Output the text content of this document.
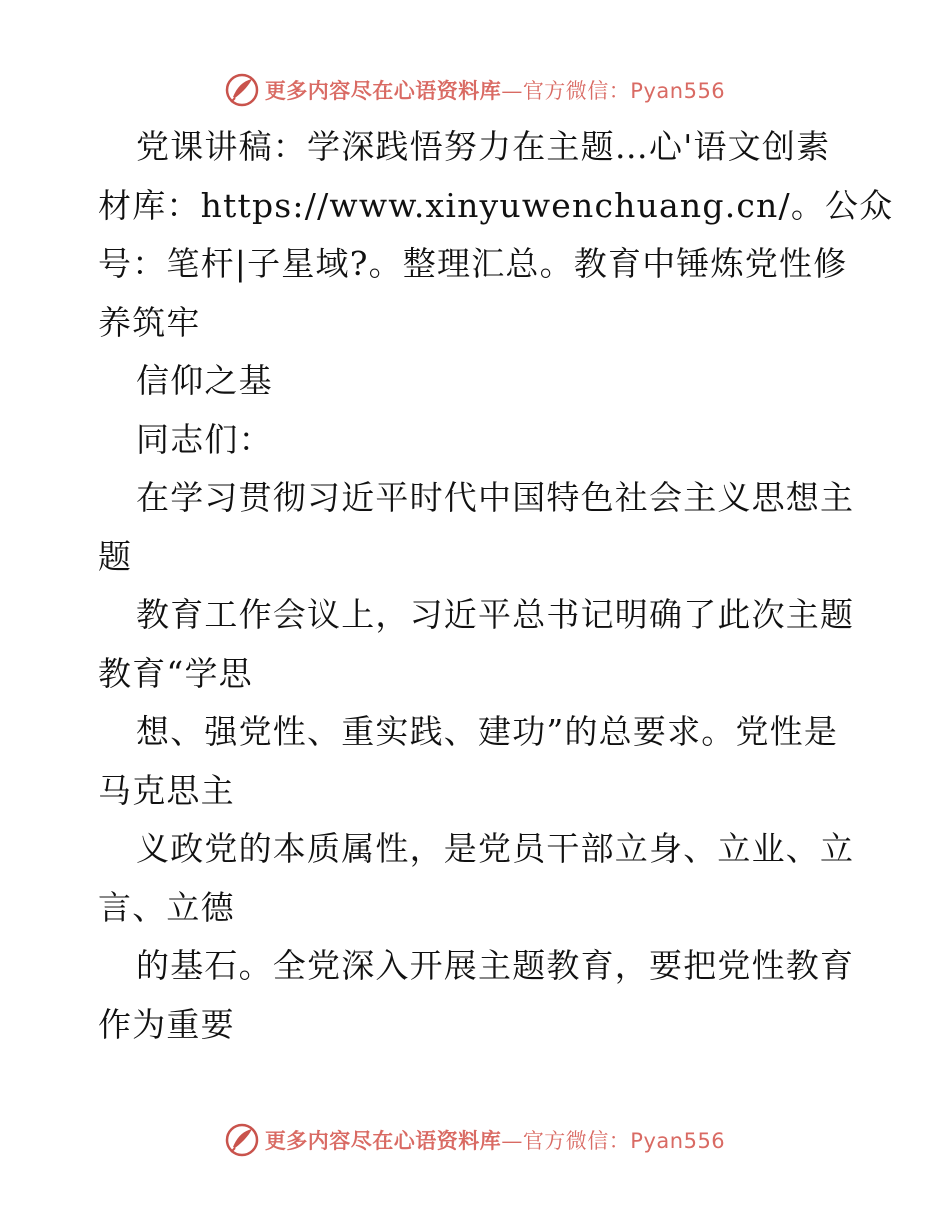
更多内容尽在心语资料库—官方微信：Pyan556
党课讲稿：学深践悟努力在主题…心'语文创素
材库：https://www.xinyuwenchuang.cn/。公众
号：笔杆|子星域?。整理汇总。教育中锤炼党性修
养筑牢
信仰之基
同志们：
在学习贯彻习近平时代中国特色社会主义思想主
题
教育工作会议上，习近平总书记明确了此次主题
教育“学思
想、强党性、重实践、建功”的总要求。党性是
马克思主
义政党的本质属性，是党员干部立身、立业、立
言、立德
的基石。全党深入开展主题教育，要把党性教育
作为重要
更多内容尽在心语资料库—官方微信：Pyan556
